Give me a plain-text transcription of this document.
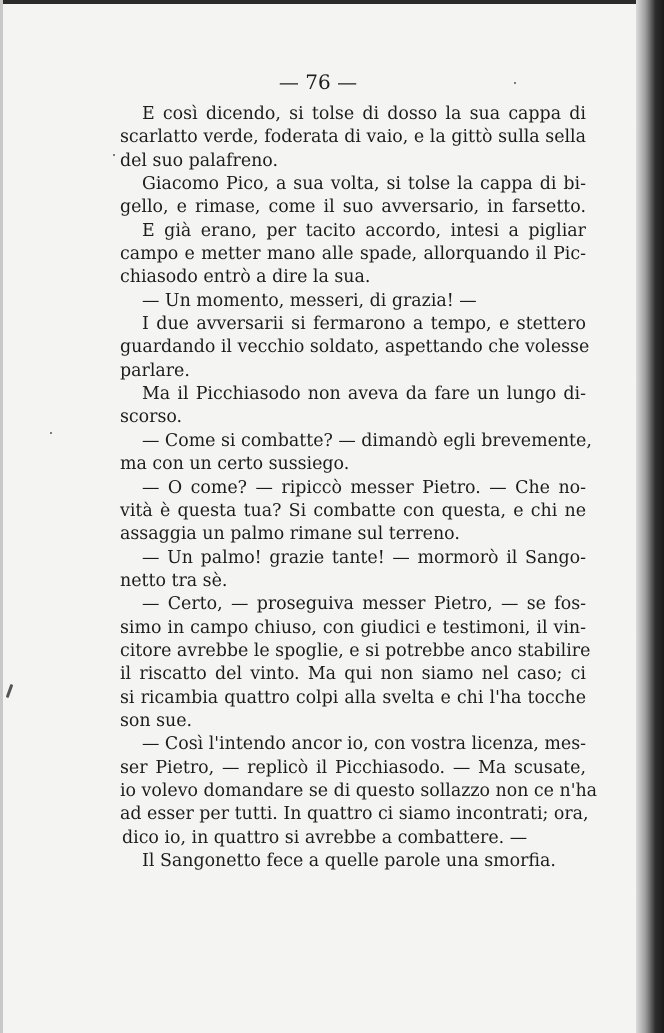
— 76 —
E così dicendo, si tolse di dosso la sua cappa di
scarlatto verde, foderata di vaio, e la gittò sulla sella
del suo palafreno.
Giacomo Pico, a sua volta, si tolse la cappa di bi-
gello, e rimase, come il suo avversario, in farsetto.
E già erano, per tacito accordo, intesi a pigliar
campo e metter mano alle spade, allorquando il Pic-
chiasodo entrò a dire la sua.
— Un momento, messeri, di grazia! —
I due avversarii si fermarono a tempo, e stettero
guardando il vecchio soldato, aspettando che volesse
parlare.
Ma il Picchiasodo non aveva da fare un lungo di-
scorso.
— Come si combatte? — dimandò egli brevemente,
ma con un certo sussiego.
— O come? — ripiccò messer Pietro. — Che no-
vità è questa tua? Si combatte con questa, e chi ne
assaggia un palmo rimane sul terreno.
— Un palmo! grazie tante! — mormorò il Sango-
netto tra sè.
— Certo, — proseguiva messer Pietro, — se fos-
simo in campo chiuso, con giudici e testimoni, il vin-
citore avrebbe le spoglie, e si potrebbe anco stabilire
il riscatto del vinto. Ma qui non siamo nel caso; ci
si ricambia quattro colpi alla svelta e chi l'ha tocche
son sue.
— Così l'intendo ancor io, con vostra licenza, mes-
ser Pietro, — replicò il Picchiasodo. — Ma scusate,
io volevo domandare se di questo sollazzo non ce n'ha
ad esser per tutti. In quattro ci siamo incontrati; ora,
dico io, in quattro si avrebbe a combattere. —
Il Sangonetto fece a quelle parole una smorfia.
